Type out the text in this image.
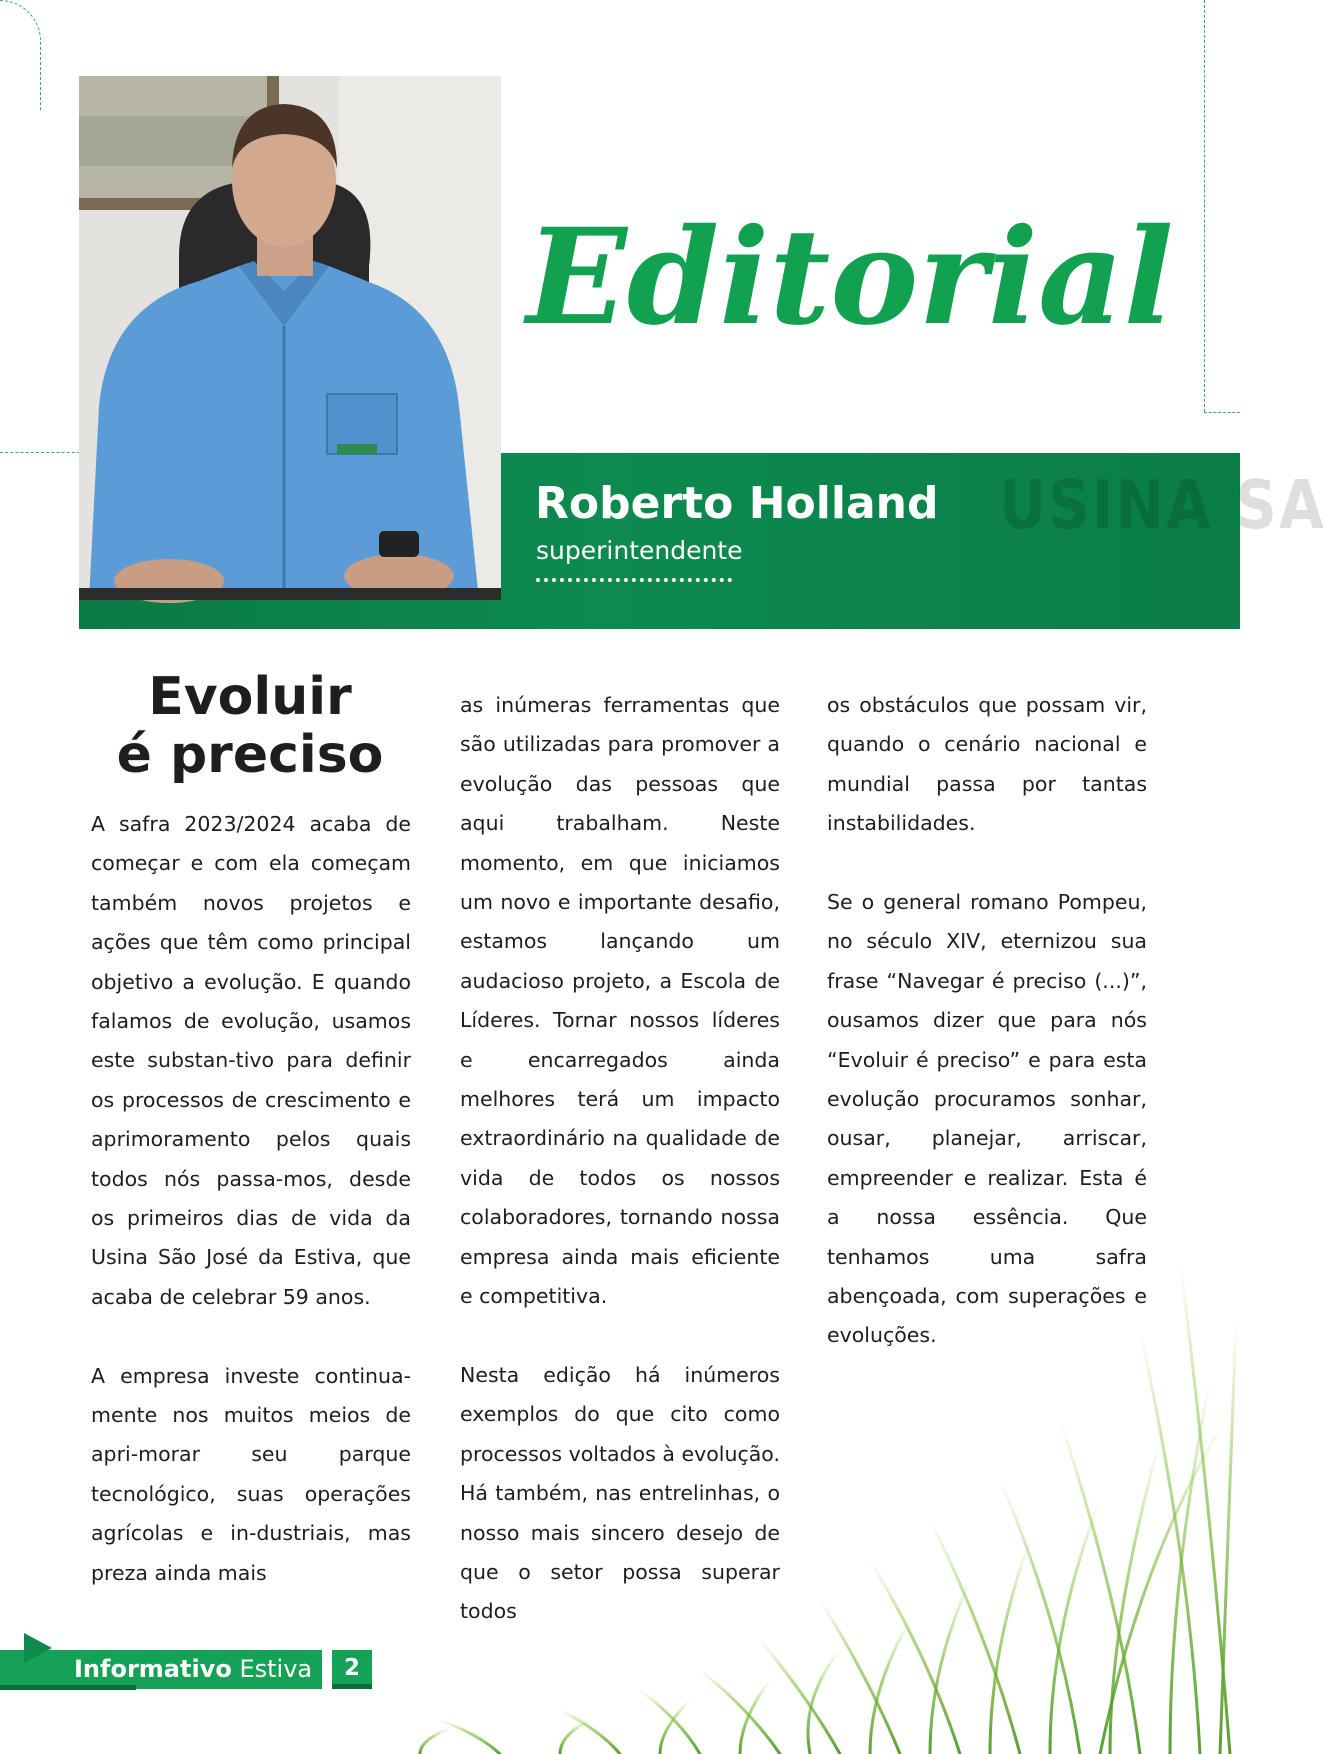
USINA SA
Roberto Holland

superintendente

Editorial
Evoluir
é preciso

A safra 2023/2024 acaba de começar e com ela começam também novos projetos e ações que têm como principal objetivo a evolução. E quando falamos de evolução, usamos este substan-tivo para definir os processos de crescimento e aprimoramento pelos quais todos nós passa-mos, desde os primeiros dias de vida da Usina São José da Estiva, que acaba de celebrar 59 anos.

A empresa investe continua-mente nos muitos meios de apri-morar seu parque tecnológico, suas operações agrícolas e in-dustriais, mas preza ainda mais

as inúmeras ferramentas que são utilizadas para promover a evolução das pessoas que aqui trabalham. Neste momento, em que iniciamos um novo e importante desafio, estamos lançando um audacioso projeto, a Escola de Líderes. Tornar nossos líderes e encarregados ainda melhores terá um impacto extraordinário na qualidade de vida de todos os nossos colaboradores, tornando nossa empresa ainda mais eficiente e competitiva.

Nesta edição há inúmeros exemplos do que cito como processos voltados à evolução. Há também, nas entrelinhas, o nosso mais sincero desejo de que o setor possa superar todos

os obstáculos que possam vir, quando o cenário nacional e mundial passa por tantas instabilidades.

Se o general romano Pompeu, no século XIV, eternizou sua frase “Navegar é preciso (...)”, ousamos dizer que para nós “Evoluir é preciso” e para esta evolução procuramos sonhar, ousar, planejar, arriscar, empreender e realizar. Esta é a nossa essência. Que tenhamos uma safra abençoada, com superações e evoluções.

Informativo Estiva	2
